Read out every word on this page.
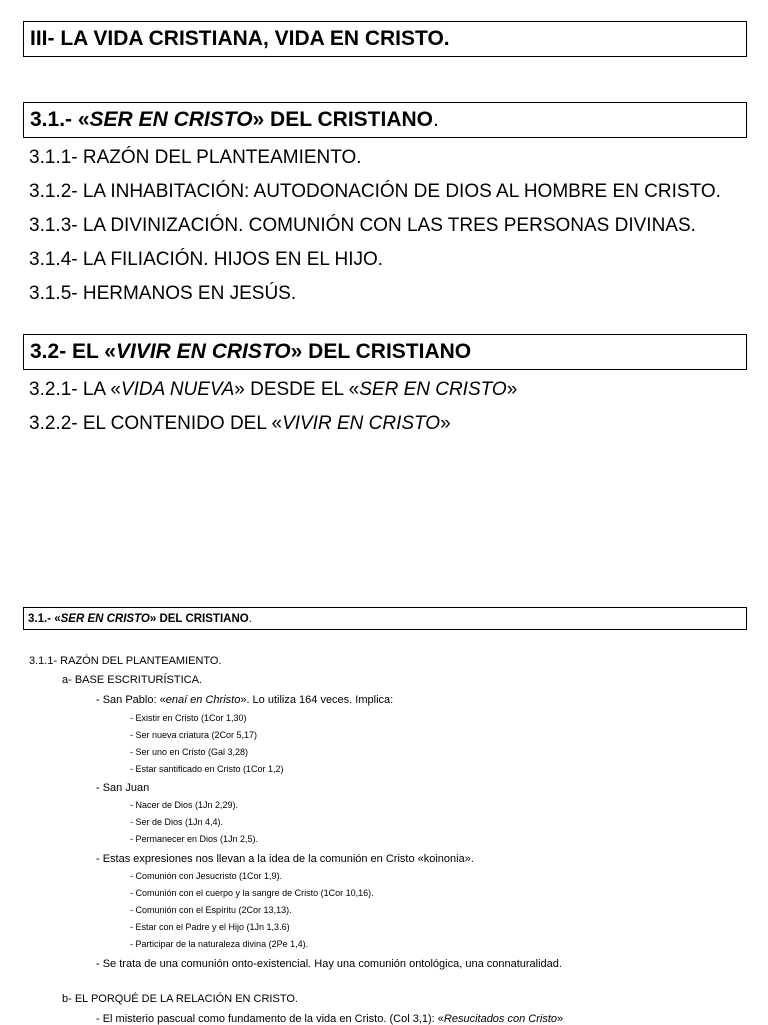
III- LA VIDA CRISTIANA, VIDA EN CRISTO.
3.1.- « SER EN CRISTO » DEL CRISTIANO .
3.1.1- RAZÓN DEL PLANTEAMIENTO.
3.1.2- LA INHABITACIÓN: AUTODONACIÓN DE DIOS AL HOMBRE EN CRISTO.
3.1.3- LA DIVINIZACIÓN. COMUNIÓN CON LAS TRES PERSONAS DIVINAS.
3.1.4- LA FILIACIÓN. HIJOS EN EL HIJO.
3.1.5- HERMANOS EN JESÚS.
3.2- EL « VIVIR EN CRISTO » DEL CRISTIANO
3.2.1- LA «VIDA NUEVA» DESDE EL «SER EN CRISTO»
3.2.2- EL CONTENIDO DEL «VIVIR EN CRISTO»
3.1.- « SER EN CRISTO » DEL CRISTIANO .
3.1.1- RAZÓN DEL PLANTEAMIENTO.
a- BASE ESCRITURÍSTICA.
- San Pablo: «enaí en Christo». Lo utiliza 164 veces. Implica:
- Existir en Cristo (1Cor 1,30)
- Ser nueva criatura (2Cor 5,17)
- Ser uno en Cristo (Gal 3,28)
- Estar santificado en Cristo (1Cor 1,2)
- San Juan
- Nacer de Dios (1Jn 2,29).
- Ser de Dios (1Jn 4,4).
- Permanecer en Dios (1Jn 2,5).
- Estas expresiones nos llevan a la idea de la comunión en Cristo «koinonia».
- Comunión con Jesucristo (1Cor 1,9).
- Comunión con el cuerpo y la sangre de Cristo (1Cor 10,16).
- Comunión con el Espíritu (2Cor 13,13).
- Estar con el Padre y el Hijo (1Jn 1,3.6)
- Participar de la naturaleza divina (2Pe 1,4).
- Se trata de una comunión onto-existencial. Hay una comunión ontológica, una connaturalidad.
b- EL PORQUÉ DE LA RELACIÓN EN CRISTO.
- El misterio pascual como fundamento de la vida en Cristo. (Col 3,1): «Resucitados con Cristo»
